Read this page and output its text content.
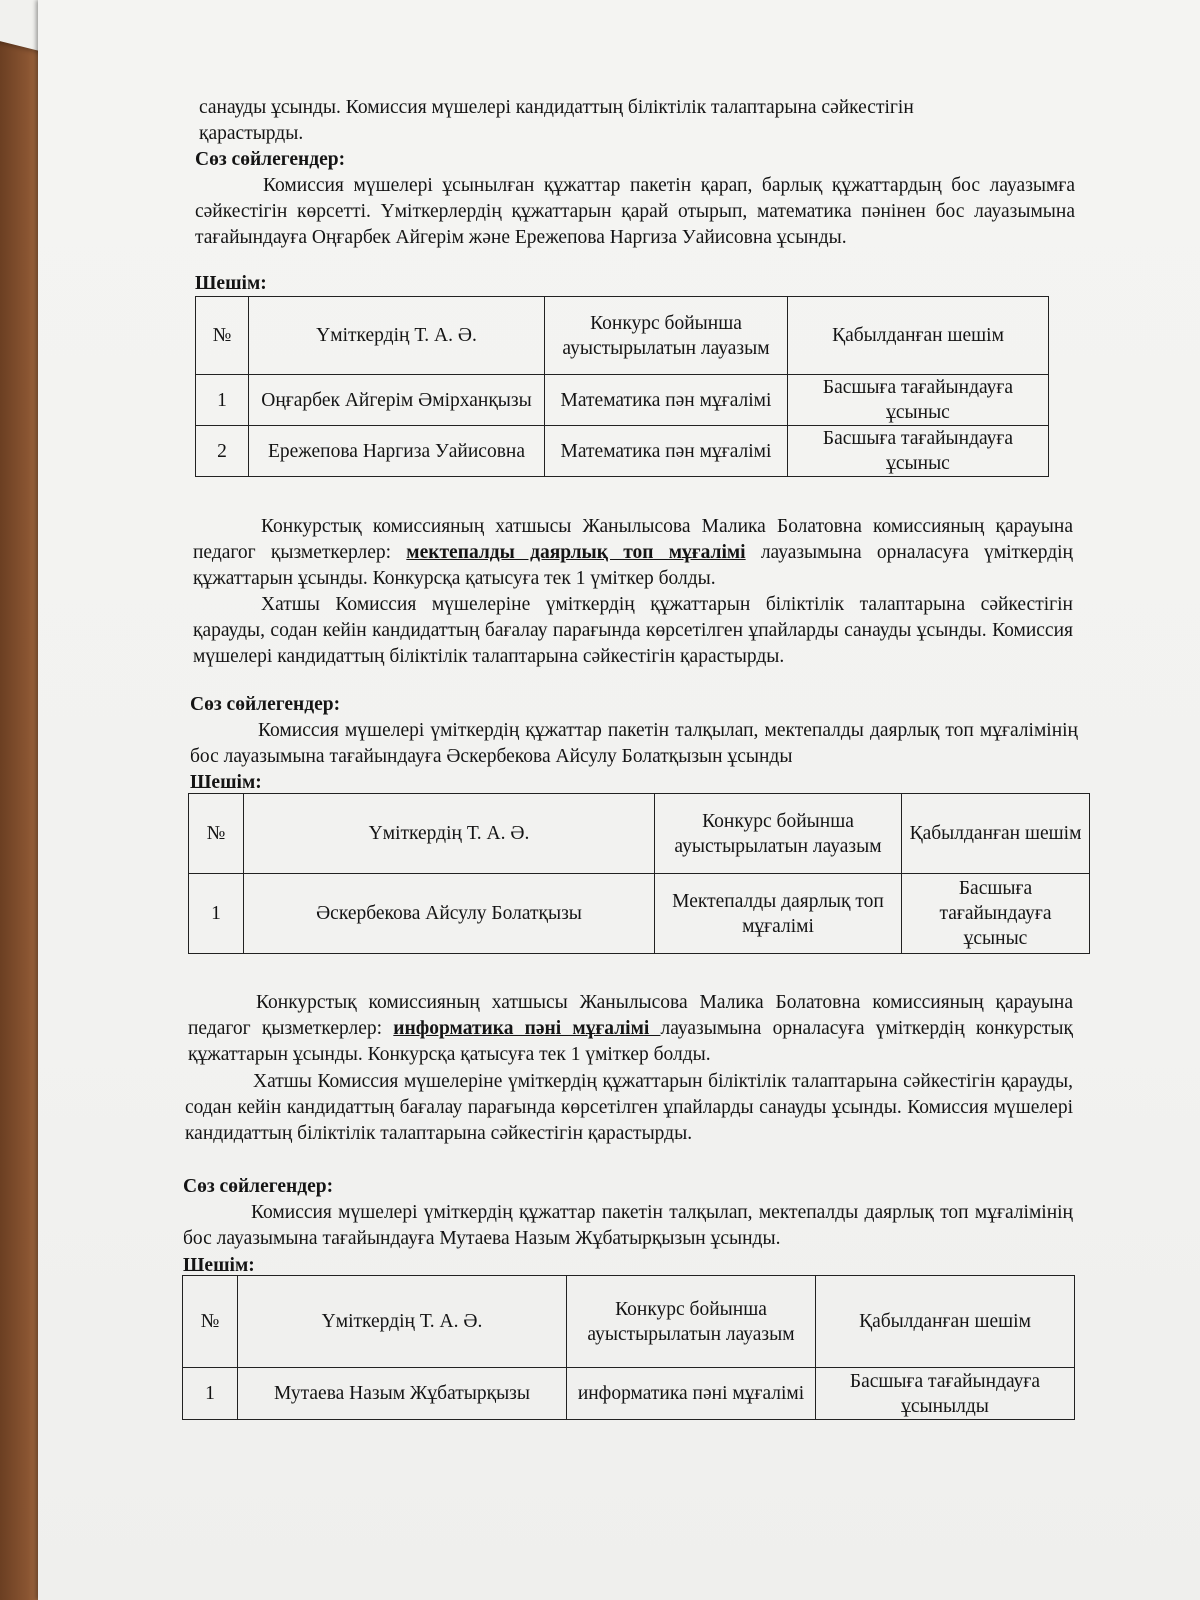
санауды ұсынды. Комиссия мүшелері кандидаттың біліктілік талаптарына сәйкестігін
қарастырды.
Сөз сөйлегендер:
Комиссия мүшелері ұсынылған құжаттар пакетін қарап, барлық құжаттардың бос лауазымға сәйкестігін көрсетті. Үміткерлердің құжаттарын қарай отырып, математика пәнінен бос лауазымына тағайындауға Оңғарбек Айгерім және Ережепова Наргиза Уайисовна ұсынды.
Шешім:
№	Үміткердің Т. А. Ә.	Конкурс бойынша ауыстырылатын лауазым	Қабылданған шешім
1	Оңғарбек Айгерім Әмірханқызы	Математика пән мұғалімі	Басшыға тағайындауға ұсыныс
2	Ережепова Наргиза Уайисовна	Математика пән мұғалімі	Басшыға тағайындауға ұсыныс
Конкурстық комиссияның хатшысы Жанылысова Малика Болатовна комиссияның қарауына педагог қызметкерлер: мектепалды даярлық топ мұғалімі лауазымына орналасуға үміткердің құжаттарын ұсынды. Конкурсқа қатысуға тек 1 үміткер болды.
Хатшы Комиссия мүшелеріне үміткердің құжаттарын біліктілік талаптарына сәйкестігін қарауды, содан кейін кандидаттың бағалау парағында көрсетілген ұпайларды санауды ұсынды. Комиссия мүшелері кандидаттың біліктілік талаптарына сәйкестігін қарастырды.
Сөз сөйлегендер:
Комиссия мүшелері үміткердің құжаттар пакетін талқылап, мектепалды даярлық топ мұғалімінің бос лауазымына тағайындауға Әскербекова Айсулу Болатқызын ұсынды
Шешім:
№	Үміткердің Т. А. Ә.	Конкурс бойынша ауыстырылатын лауазым	Қабылданған шешім
1	Әскербекова Айсулу Болатқызы	Мектепалды даярлық топ мұғалімі	Басшыға тағайындауға ұсыныс
Конкурстық комиссияның хатшысы Жанылысова Малика Болатовна комиссияның қарауына педагог қызметкерлер: информатика пәні мұғалімі лауазымына орналасуға үміткердің конкурстық құжаттарын ұсынды. Конкурсқа қатысуға тек 1 үміткер болды.
Хатшы Комиссия мүшелеріне үміткердің құжаттарын біліктілік талаптарына сәйкестігін қарауды, содан кейін кандидаттың бағалау парағында көрсетілген ұпайларды санауды ұсынды. Комиссия мүшелері кандидаттың біліктілік талаптарына сәйкестігін қарастырды.
Сөз сөйлегендер:
Комиссия мүшелері үміткердің құжаттар пакетін талқылап, мектепалды даярлық топ мұғалімінің бос лауазымына тағайындауға Мутаева Назым Жұбатырқызын ұсынды.
Шешім:
№	Үміткердің Т. А. Ә.	Конкурс бойынша ауыстырылатын лауазым	Қабылданған шешім
1	Мутаева Назым Жұбатырқызы	информатика пәні мұғалімі	Басшыға тағайындауға ұсынылды
